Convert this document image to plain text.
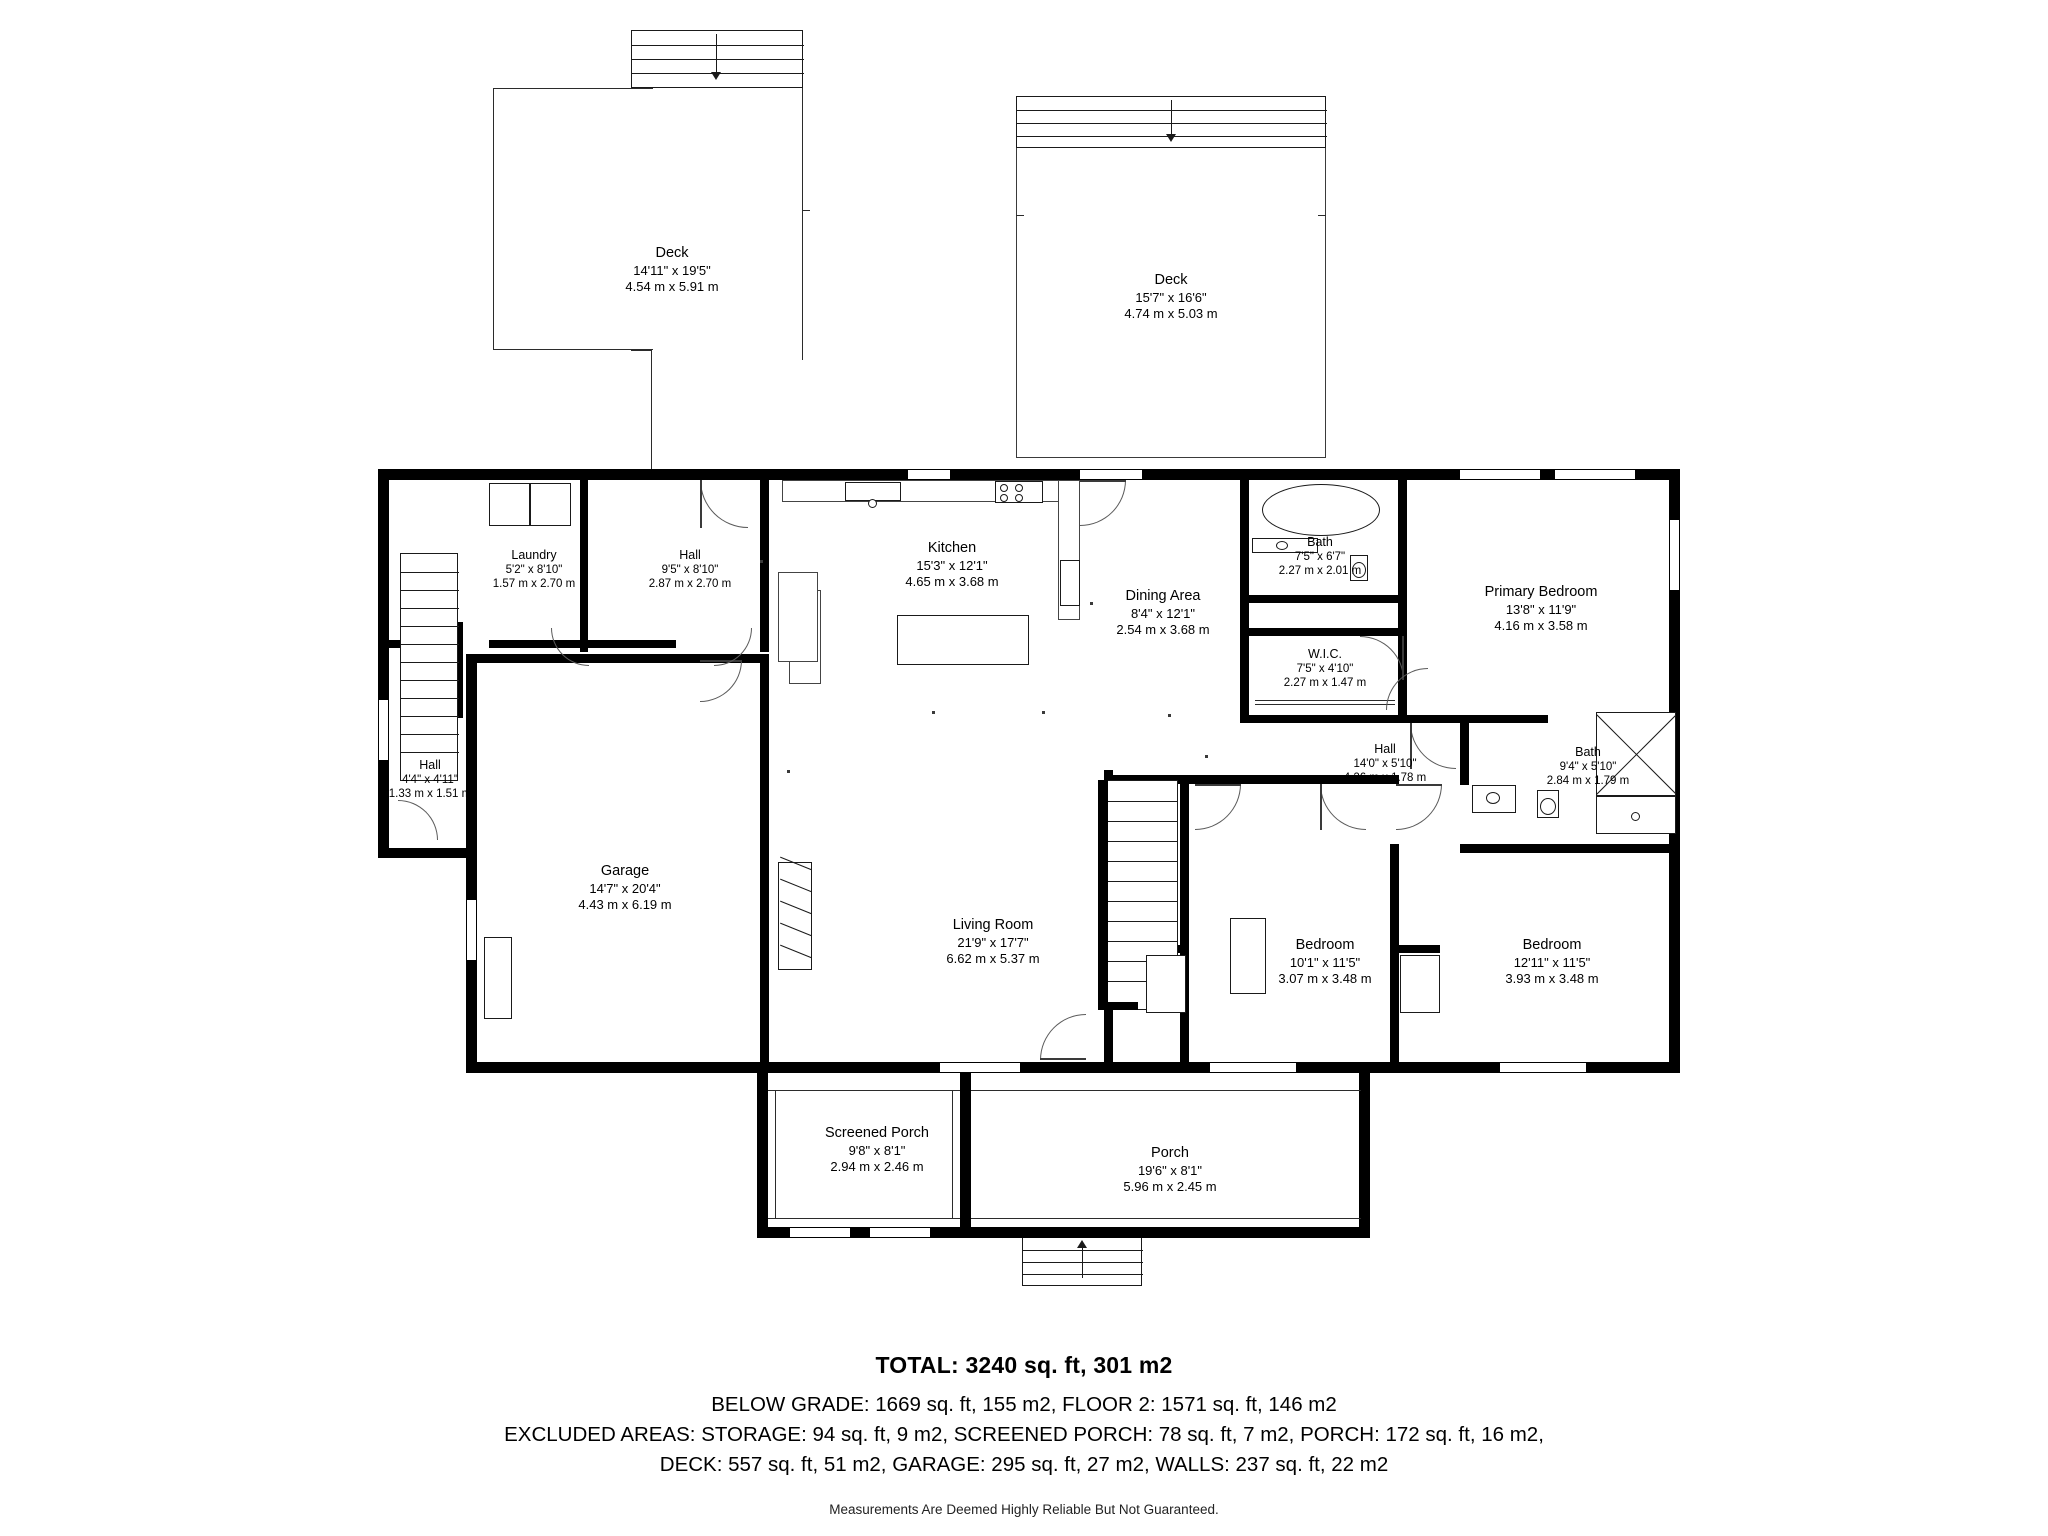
Deck
14'11" x 19'5"
4.54 m x 5.91 m	Deck
15'7" x 16'6"
4.74 m x 5.03 m
Laundry
5'2" x 8'10"
1.57 m x 2.70 m
Hall
9'5" x 8'10"
2.87 m x 2.70 m
Kitchen
15'3" x 12'1"
4.65 m x 3.68 m
Dining Area
8'4" x 12'1"
2.54 m x 3.68 m
Bath
7'5" x 6'7"
2.27 m x 2.01 m
Primary Bedroom
13'8" x 11'9"
4.16 m x 3.58 m
W.I.C.
7'5" x 4'10"
2.27 m x 1.47 m
Hall
14'0" x 5'10"
4.26 m x 1.78 m
Bath
9'4" x 5'10"
2.84 m x 1.79 m
Hall
4'4" x 4'11"
1.33 m x 1.51 m
Garage
14'7" x 20'4"
4.43 m x 6.19 m
Living Room
21'9" x 17'7"
6.62 m x 5.37 m
Bedroom
10'1" x 11'5"
3.07 m x 3.48 m
Bedroom
12'11" x 11'5"
3.93 m x 3.48 m
Screened Porch
9'8" x 8'1"
2.94 m x 2.46 m
Porch
19'6" x 8'1"
5.96 m x 2.45 m
TOTAL: 3240 sq. ft, 301 m2
BELOW GRADE: 1669 sq. ft, 155 m2, FLOOR 2: 1571 sq. ft, 146 m2
EXCLUDED AREAS: STORAGE: 94 sq. ft, 9 m2, SCREENED PORCH: 78 sq. ft, 7 m2, PORCH: 172 sq. ft, 16 m2,
DECK: 557 sq. ft, 51 m2, GARAGE: 295 sq. ft, 27 m2, WALLS: 237 sq. ft, 22 m2
Measurements Are Deemed Highly Reliable But Not Guaranteed.
